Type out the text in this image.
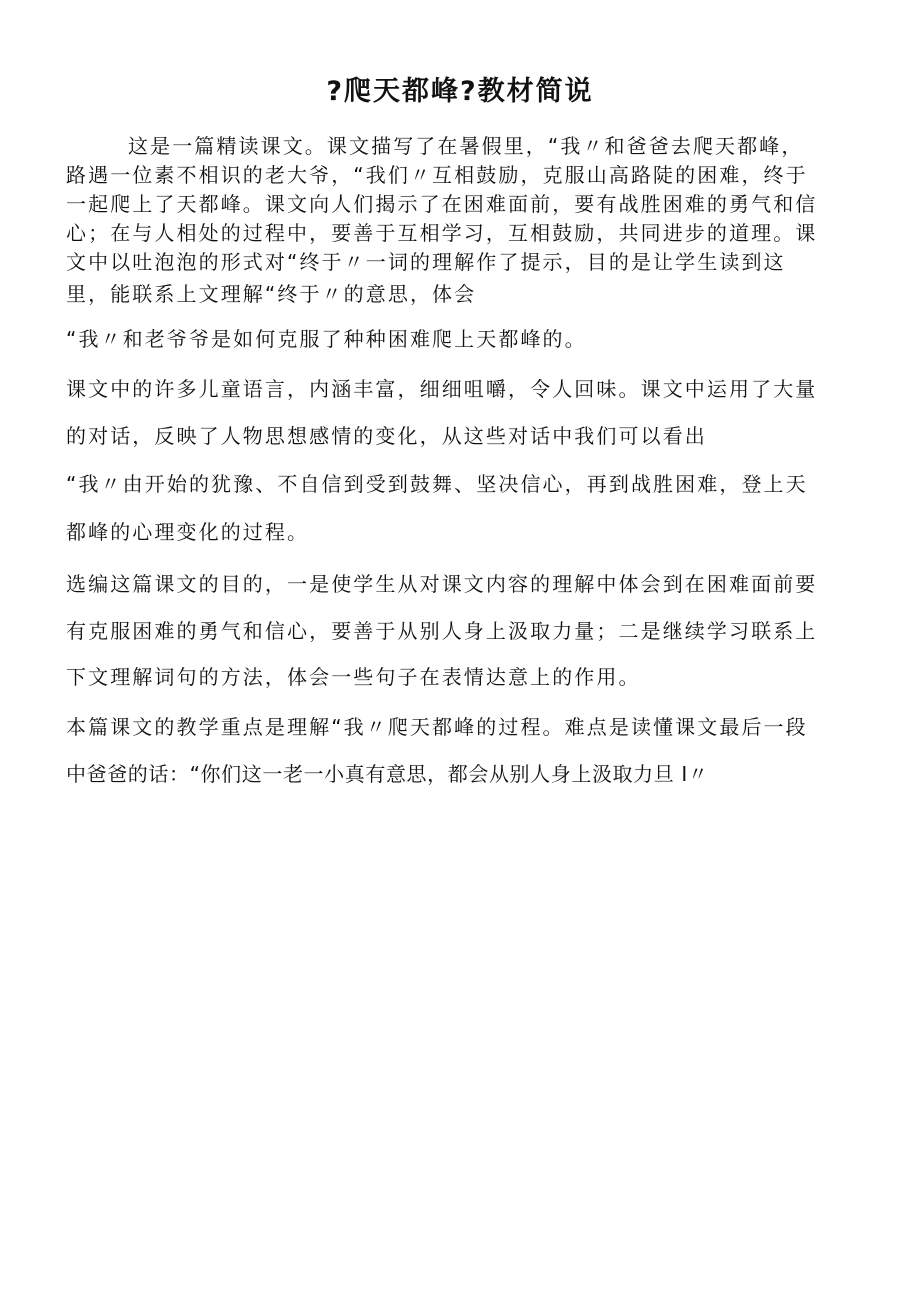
?爬天都峰?教材简说
这是一篇精读课文。课文描写了在暑假里，“我〃和爸爸去爬天都峰，
路遇一位素不相识的老大爷，“我们〃互相鼓励，克服山高路陡的困难，终于
一起爬上了天都峰。课文向人们揭示了在困难面前，要有战胜困难的勇气和信
心；在与人相处的过程中，要善于互相学习，互相鼓励，共同进步的道理。课
文中以吐泡泡的形式对“终于〃一词的理解作了提示，目的是让学生读到这
里，能联系上文理解“终于〃的意思，体会
“我〃和老爷爷是如何克服了种种困难爬上天都峰的。
课文中的许多儿童语言，内涵丰富，细细咀嚼，令人回味。课文中运用了大量
的对话，反映了人物思想感情的变化，从这些对话中我们可以看出
“我〃由开始的犹豫、不自信到受到鼓舞、坚决信心，再到战胜困难，登上天
都峰的心理变化的过程。
选编这篇课文的目的，一是使学生从对课文内容的理解中体会到在困难面前要
有克服困难的勇气和信心，要善于从别人身上汲取力量；二是继续学习联系上
下文理解词句的方法，体会一些句子在表情达意上的作用。
本篇课文的教学重点是理解“我〃爬天都峰的过程。难点是读懂课文最后一段
中爸爸的话：“你们这一老一小真有意思，都会从别人身上汲取力旦 I〃
